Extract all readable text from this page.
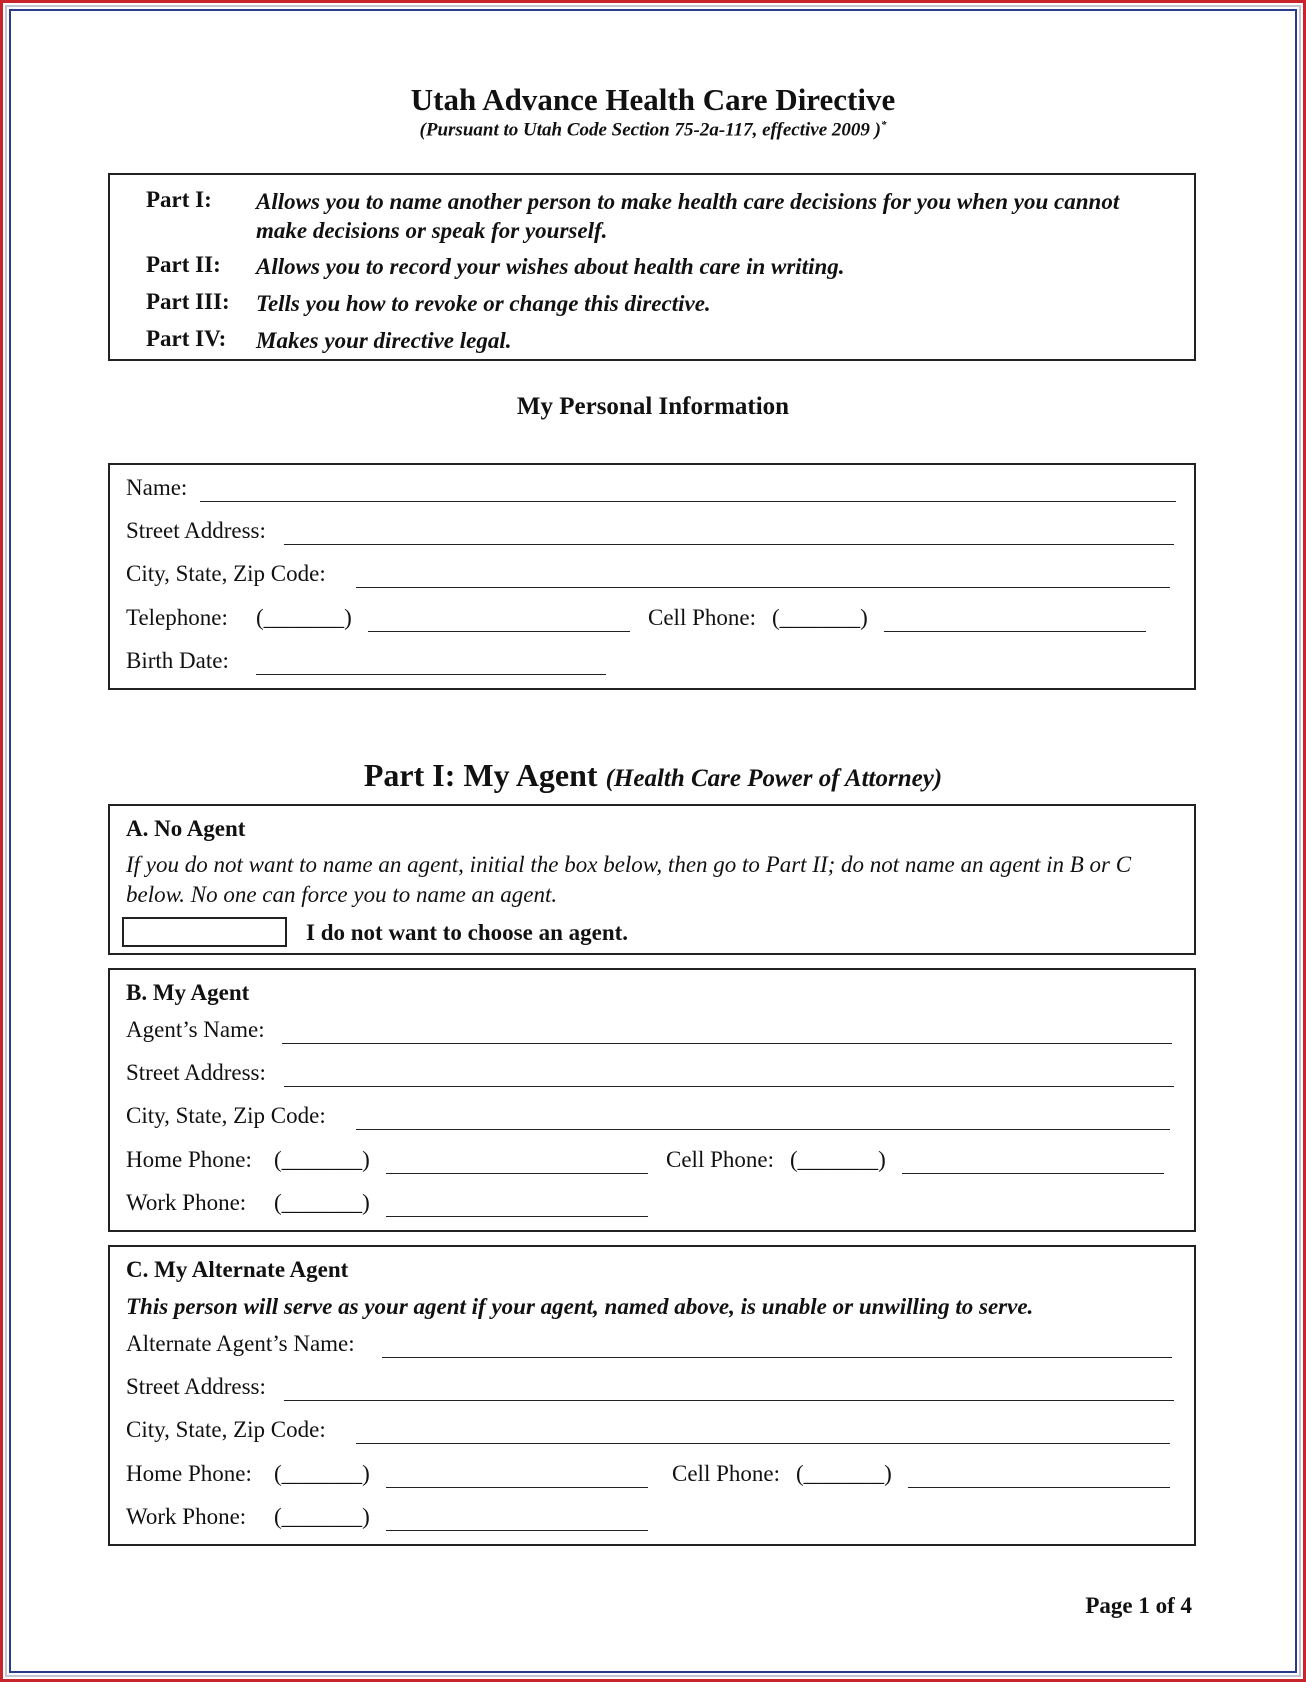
Utah Advance Health Care Directive
(Pursuant to Utah Code Section 75-2a-117, effective 2009 )*
Part I: Allows you to name another person to make health care decisions for you when you cannot make decisions or speak for yourself.
Part II: Allows you to record your wishes about health care in writing.
Part III: Tells you how to revoke or change this directive.
Part IV: Makes your directive legal.
My Personal Information
Name:
Street Address:
City, State, Zip Code:
Telephone: (_______)	Cell Phone: (_______)
Birth Date:
Part I: My Agent (Health Care Power of Attorney)
A. No Agent
If you do not want to name an agent, initial the box below, then go to Part II; do not name an agent in B or C below. No one can force you to name an agent.
I do not want to choose an agent.
B. My Agent
Agent’s Name:
Street Address:
City, State, Zip Code:
Home Phone: (_______)	Cell Phone: (_______)
Work Phone: (_______)
C. My Alternate Agent
This person will serve as your agent if your agent, named above, is unable or unwilling to serve.
Alternate Agent’s Name:
Street Address:
City, State, Zip Code:
Home Phone: (_______)	Cell Phone: (_______)
Work Phone: (_______)
Page 1 of 4
